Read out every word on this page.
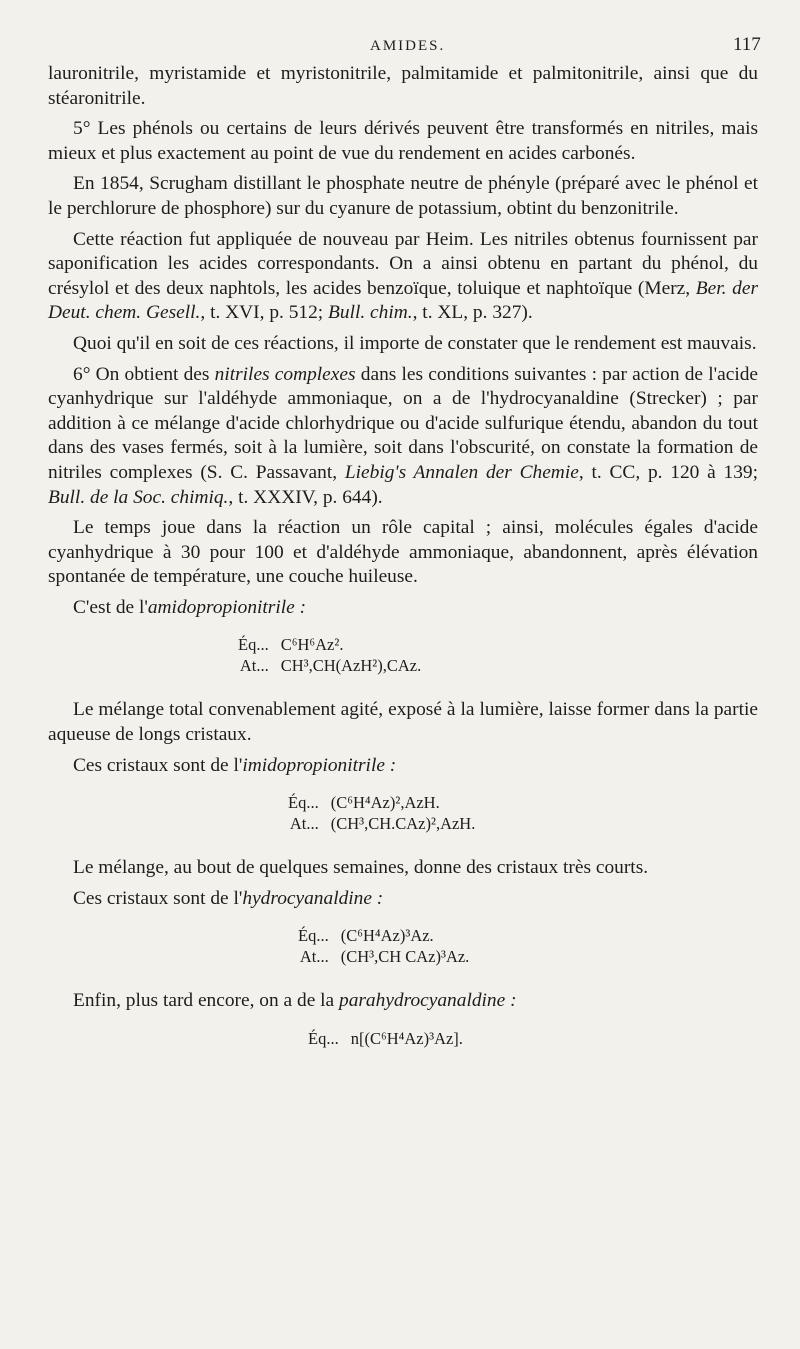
AMIDES.	117

lauronitrile, myristamide et myristonitrile, palmitamide et palmitonitrile, ainsi que du stéaronitrile.

5° Les phénols ou certains de leurs dérivés peuvent être transformés en nitriles, mais mieux et plus exactement au point de vue du rendement en acides carbonés.

En 1854, Scrugham distillant le phosphate neutre de phényle (préparé avec le phénol et le perchlorure de phosphore) sur du cyanure de potassium, obtint du benzonitrile.

Cette réaction fut appliquée de nouveau par Heim. Les nitriles obtenus fournissent par saponification les acides correspondants. On a ainsi obtenu en partant du phénol, du crésylol et des deux naphtols, les acides benzoïque, toluique et naphtoïque (Merz, Ber. der Deut. chem. Gesell., t. XVI, p. 512; Bull. chim., t. XL, p. 327).

Quoi qu'il en soit de ces réactions, il importe de constater que le rendement est mauvais.

6° On obtient des nitriles complexes dans les conditions suivantes : par action de l'acide cyanhydrique sur l'aldéhyde ammoniaque, on a de l'hydrocyanaldine (Strecker) ; par addition à ce mélange d'acide chlorhydrique ou d'acide sulfurique étendu, abandon du tout dans des vases fermés, soit à la lumière, soit dans l'obscurité, on constate la formation de nitriles complexes (S. C. Passavant, Liebig's Annalen der Chemie, t. CC, p. 120 à 139; Bull. de la Soc. chimiq., t. XXXIV, p. 644).

Le temps joue dans la réaction un rôle capital ; ainsi, molécules égales d'acide cyanhydrique à 30 pour 100 et d'aldéhyde ammoniaque, abandonnent, après élévation spontanée de température, une couche huileuse.

C'est de l'amidopropionitrile :

Éq... C⁶H⁶Az².
At... CH³,CH(AzH²),CAz.

Le mélange total convenablement agité, exposé à la lumière, laisse former dans la partie aqueuse de longs cristaux.

Ces cristaux sont de l'imidopropionitrile :

Éq... (C⁶H⁴Az)²,AzH.
At... (CH³,CH.CAz)²,AzH.

Le mélange, au bout de quelques semaines, donne des cristaux très courts.

Ces cristaux sont de l'hydrocyanaldine :

Éq... (C⁶H⁴Az)³Az.
At... (CH³,CH CAz)³Az.

Enfin, plus tard encore, on a de la parahydrocyanaldine :

Éq... n[(C⁶H⁴Az)³Az].
